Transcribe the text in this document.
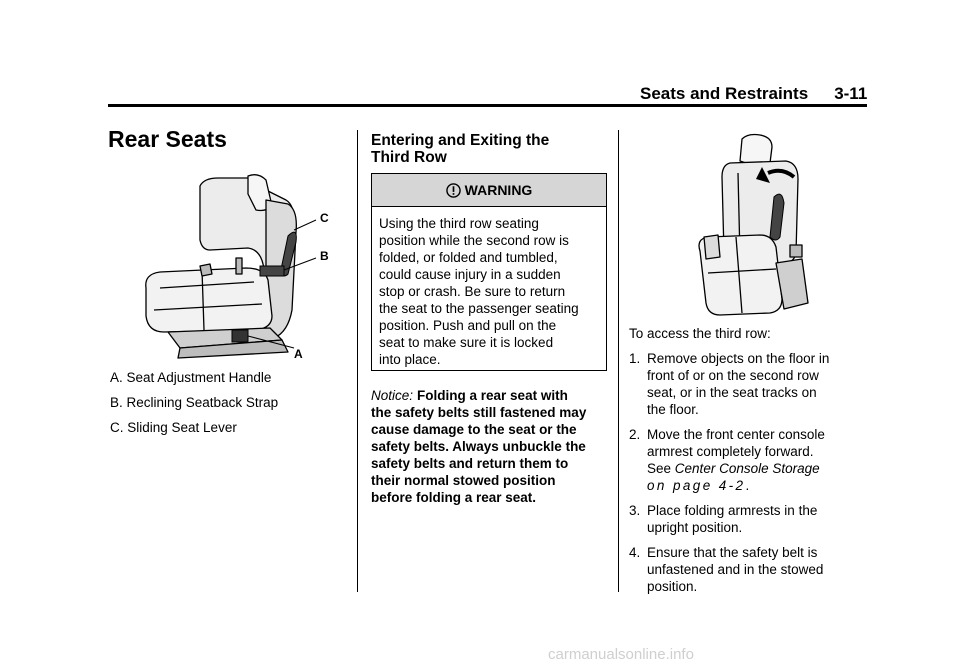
Seats and Restraints 3-11
Rear Seats
C
B
A
A. Seat Adjustment Handle
B. Reclining Seatback Strap
C. Sliding Seat Lever
Entering and Exiting the
Third Row
WARNING
Using the third row seating
position while the second row is
folded, or folded and tumbled,
could cause injury in a sudden
stop or crash. Be sure to return
the seat to the passenger seating
position. Push and pull on the
seat to make sure it is locked
into place.

Notice: Folding a rear seat with
the safety belts still fastened may
cause damage to the seat or the
safety belts. Always unbuckle the
safety belts and return them to
their normal stowed position
before folding a rear seat.

To access the third row:

1. Remove objects on the floor in
front of or on the second row
seat, or in the seat tracks on
the floor.
2. Move the front center console
armrest completely forward.
See Center Console Storage
on page 4-2.
3. Place folding armrests in the
upright position.
4. Ensure that the safety belt is
unfastened and in the stowed
position.
carmanualsonline.info
